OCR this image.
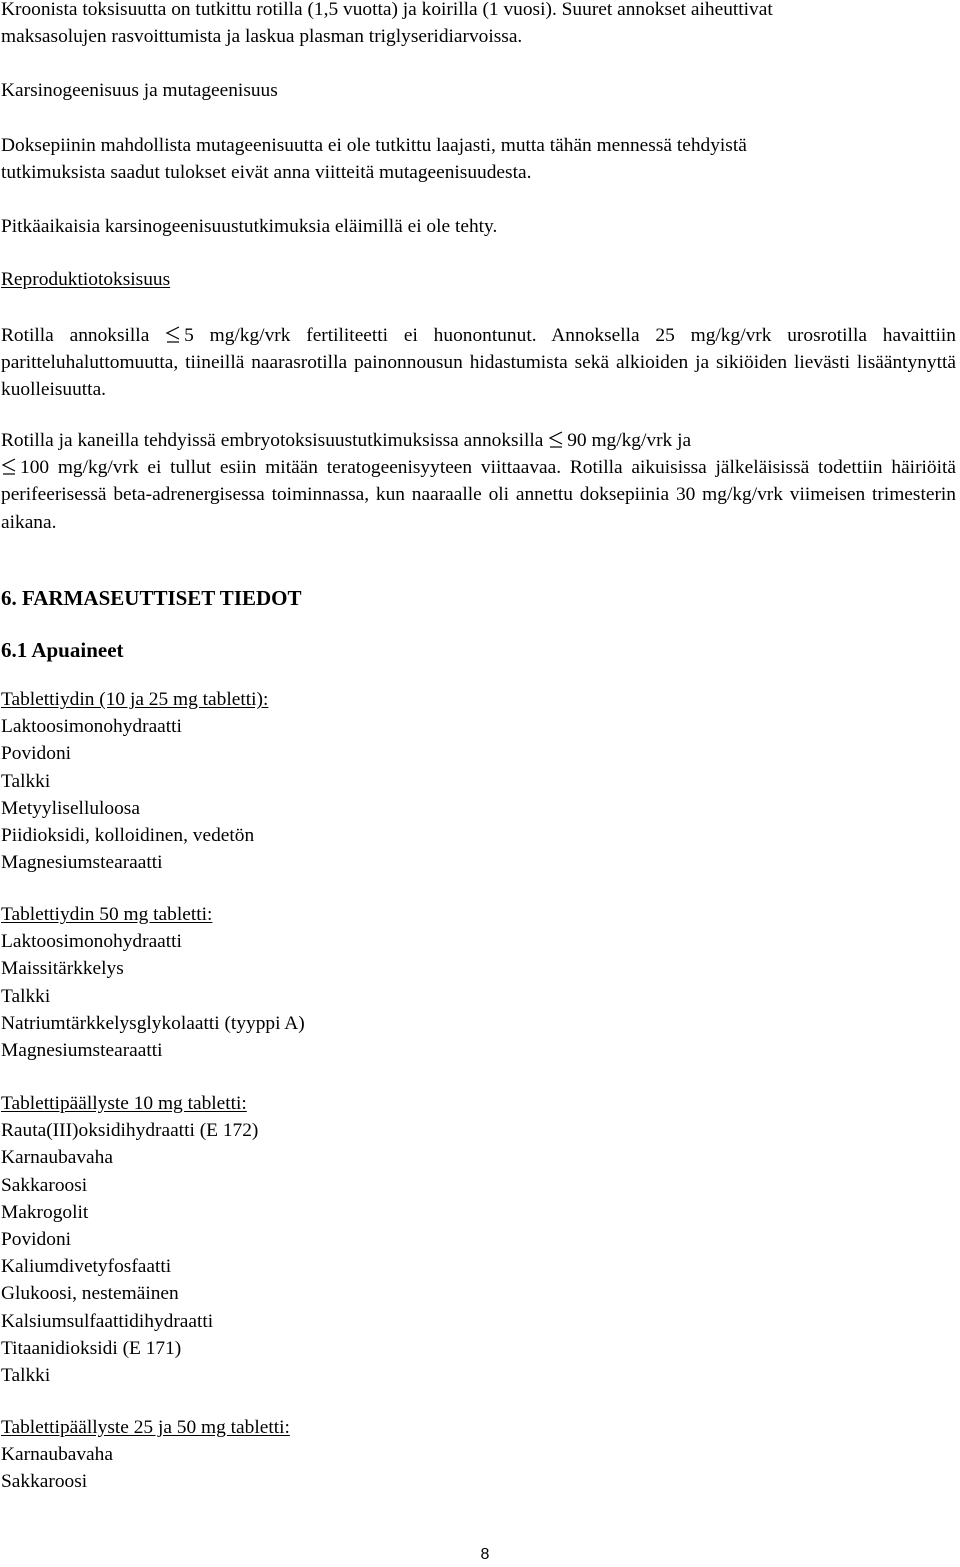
Kroonista toksisuutta on tutkittu rotilla (1,5 vuotta) ja koirilla (1 vuosi). Suuret annokset aiheuttivat
maksasolujen rasvoittumista ja laskua plasman triglyseridiarvoissa.
Karsinogeenisuus ja mutageenisuus
Doksepiinin mahdollista mutageenisuutta ei ole tutkittu laajasti, mutta tähän mennessä tehdyistä
tutkimuksista saadut tulokset eivät anna viitteitä mutageenisuudesta.
Pitkäaikaisia karsinogeenisuustutkimuksia eläimillä ei ole tehty.
Reproduktiotoksisuus
Rotilla annoksilla 5 mg/kg/vrk fertiliteetti ei huonontunut. Annoksella 25 mg/kg/vrk urosrotilla havaittiin paritteluhaluttomuutta, tiineillä naarasrotilla painonnousun hidastumista sekä alkioiden ja sikiöiden lievästi lisääntynyttä kuolleisuutta.
Rotilla ja kaneilla tehdyissä embryotoksisuustutkimuksissa annoksilla 90 mg/kg/vrk ja

100 mg/kg/vrk ei tullut esiin mitään teratogeenisyyteen viittaavaa. Rotilla aikuisissa jälkeläisissä todettiin häiriöitä perifeerisessä beta-adrenergisessa toiminnassa, kun naaraalle oli annettu doksepiinia 30 mg/kg/vrk viimeisen trimesterin aikana.
6. FARMASEUTTISET TIEDOT
6.1 Apuaineet
Tablettiydin (10 ja 25 mg tabletti):
Laktoosimonohydraatti
Povidoni
Talkki
Metyyliselluloosa
Piidioksidi, kolloidinen, vedetön
Magnesiumstearaatti
Tablettiydin 50 mg tabletti:
Laktoosimonohydraatti
Maissitärkkelys
Talkki
Natriumtärkkelysglykolaatti (tyyppi A)
Magnesiumstearaatti
Tablettipäällyste 10 mg tabletti:
Rauta(III)oksidihydraatti (E 172)
Karnaubavaha
Sakkaroosi
Makrogolit
Povidoni
Kaliumdivetyfosfaatti
Glukoosi, nestemäinen
Kalsiumsulfaattidihydraatti
Titaanidioksidi (E 171)
Talkki
Tablettipäällyste 25 ja 50 mg tabletti:
Karnaubavaha
Sakkaroosi
8
